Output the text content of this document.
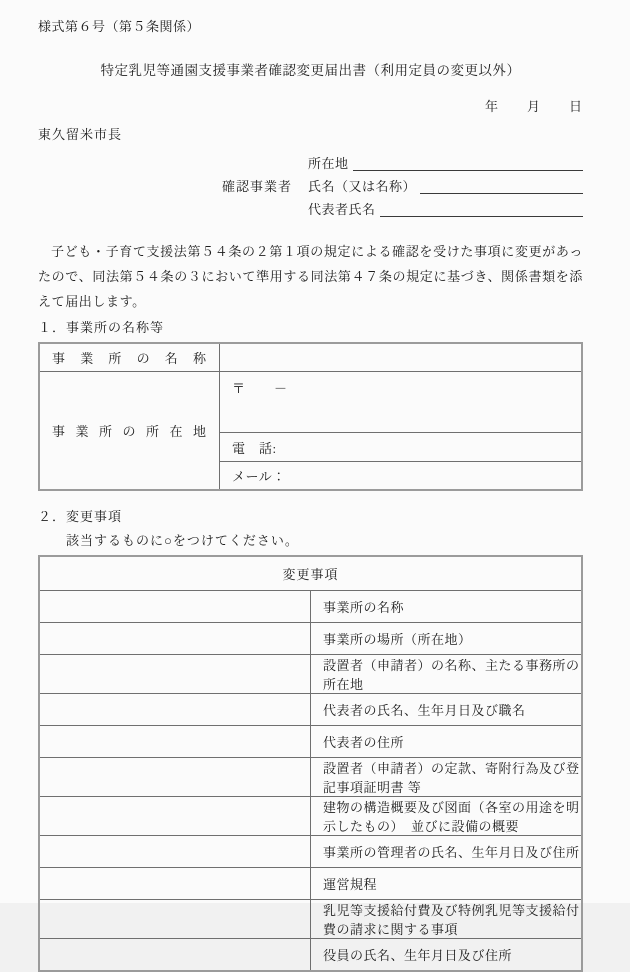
様式第６号（第５条関係）
特定乳児等通園支援事業者確認変更届出書（利用定員の変更以外）
年　　月　　日
東久留米市長
所在地
確認事業者	氏名（又は名称）
代表者氏名
子ども・子育て支援法第５４条の２第１項の規定による確認を受けた事項に変更があったので、同法第５４条の３において準用する同法第４７条の規定に基づき、関係書類を添えて届出します。
１．事業所の名称等
事業所の名称	
事業所の所在地	〒　　－
	電　話:
	メール：
２．変更事項
該当するものに○をつけてください。
変更事項	
	事業所の名称
	事業所の場所（所在地）
	設置者（申請者）の名称、主たる事務所の所在地
	代表者の氏名、生年月日及び職名
	代表者の住所
	設置者（申請者）の定款、寄附行為及び登記事項証明書 等
	建物の構造概要及び図面（各室の用途を明示したもの）　並びに設備の概要
	事業所の管理者の氏名、生年月日及び住所
	運営規程
	乳児等支援給付費及び特例乳児等支援給付費の請求に関する事項
	役員の氏名、生年月日及び住所
